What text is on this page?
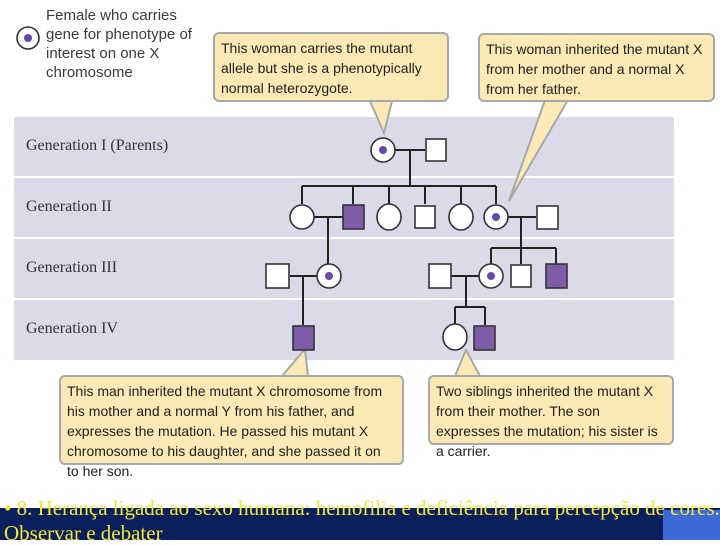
Female who carries gene for phenotype of interest on one X chromosome
This woman carries the mutant allele but she is a phenotypically normal heterozygote.
This woman inherited the mutant X from her mother and a normal X from her father.
This man inherited the mutant X chromosome from his mother and a normal Y from his father, and expresses the mutation. He passed his mutant X chromosome to his daughter, and she passed it on to her son.
Two siblings inherited the mutant X from their mother. The son expresses the mutation; his sister is a carrier.
Generation I (Parents)
Generation II
Generation III
Generation IV
• 8. Herança ligada ao sexo humana: hemofilia e deficiência para percepção de cores. Observar e debater
